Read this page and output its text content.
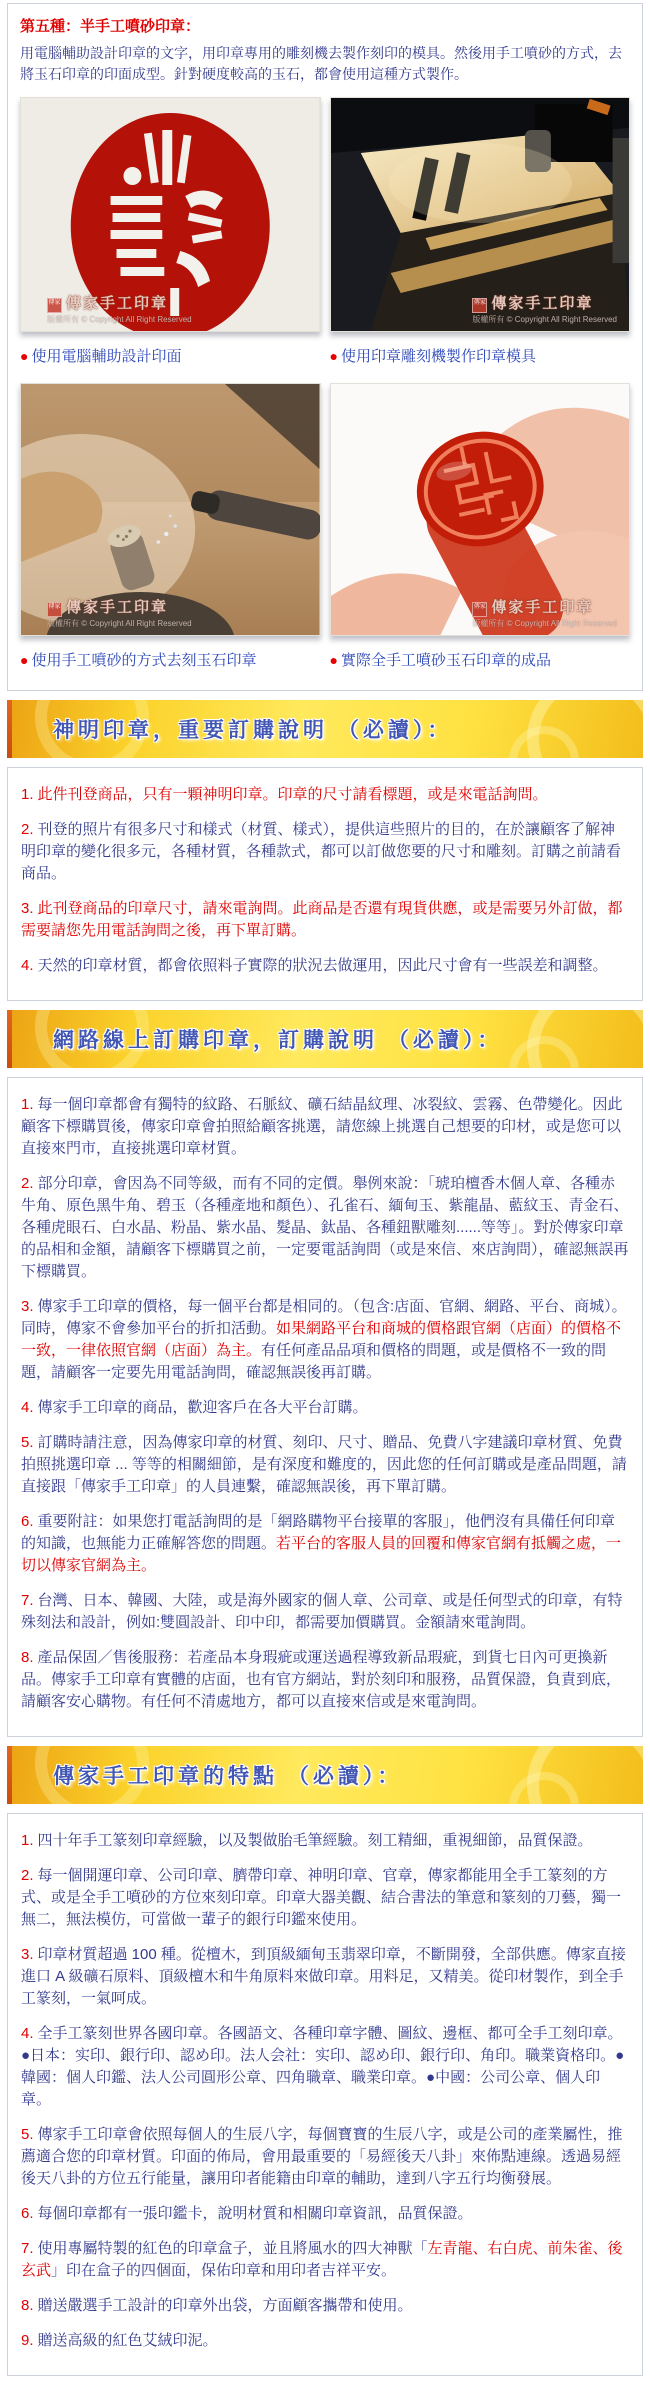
第五種：半手工噴砂印章：

用電腦輔助設計印章的文字，用印章專用的雕刻機去製作刻印的模具。然後用手工噴砂的方式，去將玉石印章的印面成型。針對硬度較高的玉石，都會使用這種方式製作。

傳家 傳家手工印章
版權所有 © Copyright All Right Reserved
傳家 傳家手工印章
版權所有 © Copyright All Right Reserved
● 使用電腦輔助設計印面	● 使用印章雕刻機製作印章模具
傳家 傳家手工印章
版權所有 © Copyright All Right Reserved
傳家 傳家手工印章
版權所有 © Copyright All Right Reserved
● 使用手工噴砂的方式去刻玉石印章	● 實際全手工噴砂玉石印章的成品
神明印章，重要訂購說明 （必讀）：

1. 此件刊登商品，只有一顆神明印章。印章的尺寸請看標題，或是來電話詢問。

2. 刊登的照片有很多尺寸和樣式（材質、樣式），提供這些照片的目的，在於讓顧客了解神明印章的變化很多元，各種材質，各種款式，都可以訂做您要的尺寸和雕刻。訂購之前請看商品。

3. 此刊登商品的印章尺寸，請來電詢問。此商品是否還有現貨供應，或是需要另外訂做，都需要請您先用電話詢問之後，再下單訂購。

4. 天然的印章材質，都會依照料子實際的狀況去做運用，因此尺寸會有一些誤差和調整。

網路線上訂購印章，訂購說明 （必讀）：

1. 每一個印章都會有獨特的紋路、石脈紋、礦石結晶紋理、冰裂紋、雲霧、色帶變化。因此顧客下標購買後，傳家印章會拍照給顧客挑選，請您線上挑選自己想要的印材，或是您可以直接來門市，直接挑選印章材質。

2. 部分印章，會因為不同等級，而有不同的定價。舉例來說：「琥珀檀香木個人章、各種赤牛角、原色黑牛角、碧玉（各種產地和顏色）、孔雀石、緬甸玉、紫龍晶、藍紋玉、青金石、各種虎眼石、白水晶、粉晶、紫水晶、髮晶、鈦晶、各種鈕獸雕刻......等等」。對於傳家印章的品相和金額，請顧客下標購買之前，一定要電話詢問（或是來信、來店詢問），確認無誤再下標購買。

3. 傳家手工印章的價格，每一個平台都是相同的。（包含:店面、官網、網路、平台、商城）。同時，傳家不會參加平台的折扣活動。如果網路平台和商城的價格跟官網（店面）的價格不一致，一律依照官網（店面）為主。有任何產品品項和價格的問題，或是價格不一致的問題，請顧客一定要先用電話詢問，確認無誤後再訂購。

4. 傳家手工印章的商品，歡迎客戶在各大平台訂購。

5. 訂購時請注意，因為傳家印章的材質、刻印、尺寸、贈品、免費八字建議印章材質、免費拍照挑選印章 ... 等等的相關細節，是有深度和難度的，因此您的任何訂購或是產品問題，請直接跟「傳家手工印章」的人員連繫，確認無誤後，再下單訂購。

6. 重要附註：如果您打電話詢問的是「網路購物平台接單的客服」，他們沒有具備任何印章的知識，也無能力正確解答您的問題。若平台的客服人員的回覆和傳家官網有抵觸之處，一切以傳家官網為主。

7. 台灣、日本、韓國、大陸，或是海外國家的個人章、公司章、或是任何型式的印章，有特殊刻法和設計，例如:雙圓設計、印中印，都需要加價購買。金額請來電詢問。

8. 產品保固／售後服務：若產品本身瑕疵或運送過程導致新品瑕疵，到貨七日內可更換新品。傳家手工印章有實體的店面，也有官方網站，對於刻印和服務，品質保證，負責到底，請顧客安心購物。有任何不清處地方，都可以直接來信或是來電詢問。

傳家手工印章的特點 （必讀）：

1. 四十年手工篆刻印章經驗，以及製做胎毛筆經驗。刻工精細，重視細節，品質保證。

2. 每一個開運印章、公司印章、臍帶印章、神明印章、官章，傳家都能用全手工篆刻的方式、或是全手工噴砂的方位來刻印章。印章大器美觀、結合書法的筆意和篆刻的刀藝，獨一無二，無法模仿，可當做一輩子的銀行印鑑來使用。

3. 印章材質超過 100 種。從檀木，到頂級緬甸玉翡翠印章，不斷開發，全部供應。傳家直接進口 A 級礦石原料、頂級檀木和牛角原料來做印章。用料足，又精美。從印材製作，到全手工篆刻，一氣呵成。

4. 全手工篆刻世界各國印章。各國語文、各種印章字體、圖紋、邊框、都可全手工刻印章。●日本：实印、銀行印、認め印。法人会社：实印、認め印、銀行印、角印。職業資格印。●韓國：個人印鑑、法人公司圓形公章、四角職章、職業印章。●中國：公司公章、個人印章。

5. 傳家手工印章會依照每個人的生辰八字，每個寶寶的生辰八字，或是公司的產業屬性，推薦適合您的印章材質。印面的佈局，會用最重要的「易經後天八卦」來佈點連線。透過易經後天八卦的方位五行能量，讓用印者能籍由印章的輔助，達到八字五行均衡發展。

6. 每個印章都有一張印鑑卡，說明材質和相關印章資訊，品質保證。

7. 使用專屬特製的紅色的印章盒子，並且將風水的四大神獸「左青龍、右白虎、前朱雀、後玄武」印在盒子的四個面，保佑印章和用印者吉祥平安。

8. 贈送嚴選手工設計的印章外出袋，方面顧客攜帶和使用。

9. 贈送高級的紅色艾絨印泥。
